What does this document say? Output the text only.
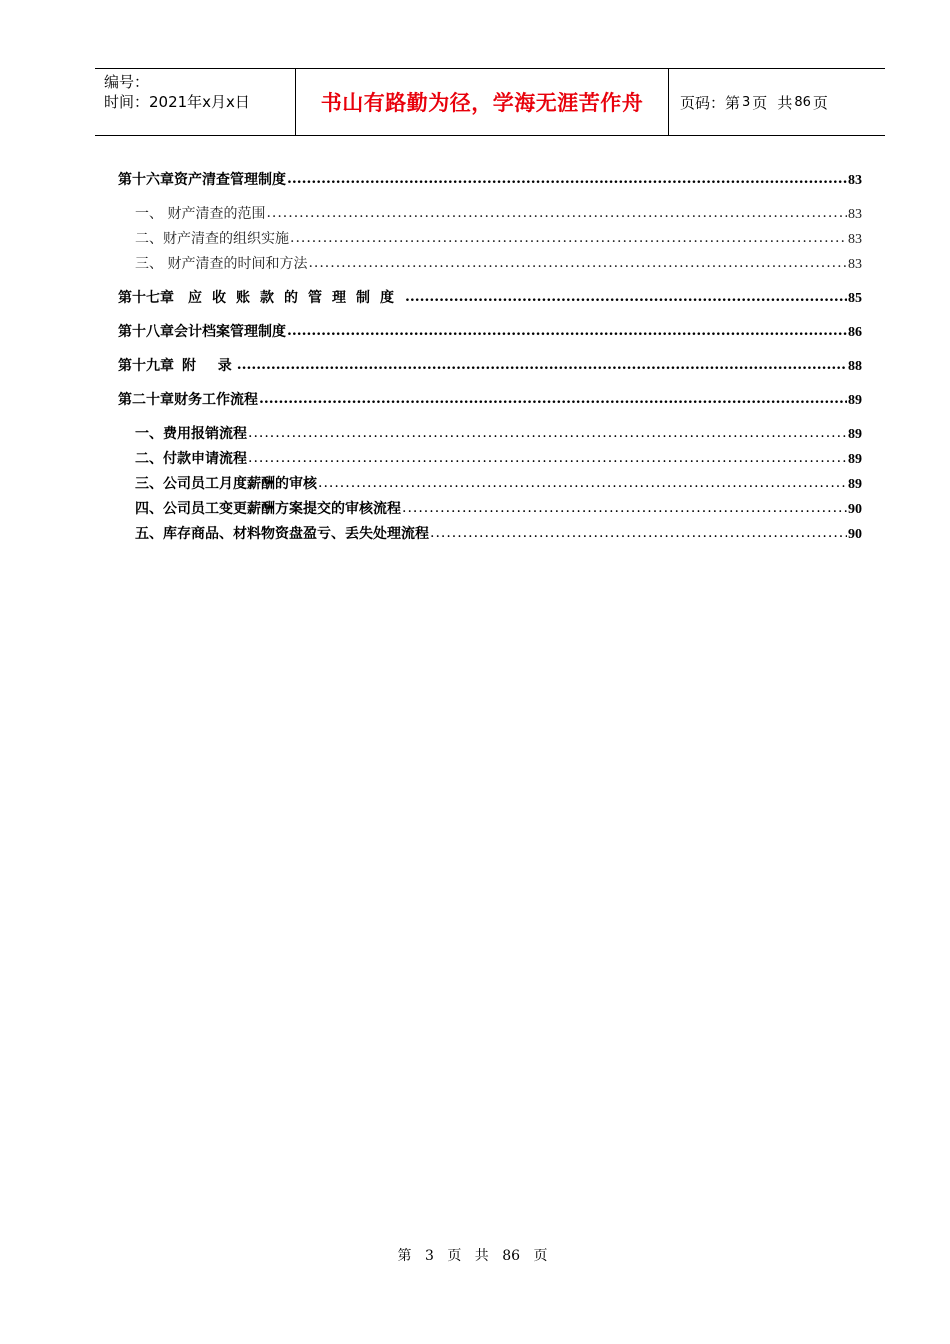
编号：
时间：2021年x月x日	书山有路勤为径，学海无涯苦作舟 页码：第 3 页 共 86 页
第十六章 资产清查管理制度 .....	83
一、 财产清查的范围 .....	83
二、财产清查的组织实施 .....	83
三、 财产清查的时间和方法 .....	83
第十七章 应收账款的管理制度 .....	85
第十八章 会计档案管理制度 .....	86
第十九章 附  录 .....	88
第二十章 财务工作流程 .....	89
一、费用报销流程 .....	89
二、付款申请流程 .....	89
三、公司员工月度薪酬的审核 .....	89
四、公司员工变更薪酬方案提交的审核流程 .....	90
五、库存商品、材料物资盘盈亏、丢失处理流程 .....	90
第 3 页 共 86 页
